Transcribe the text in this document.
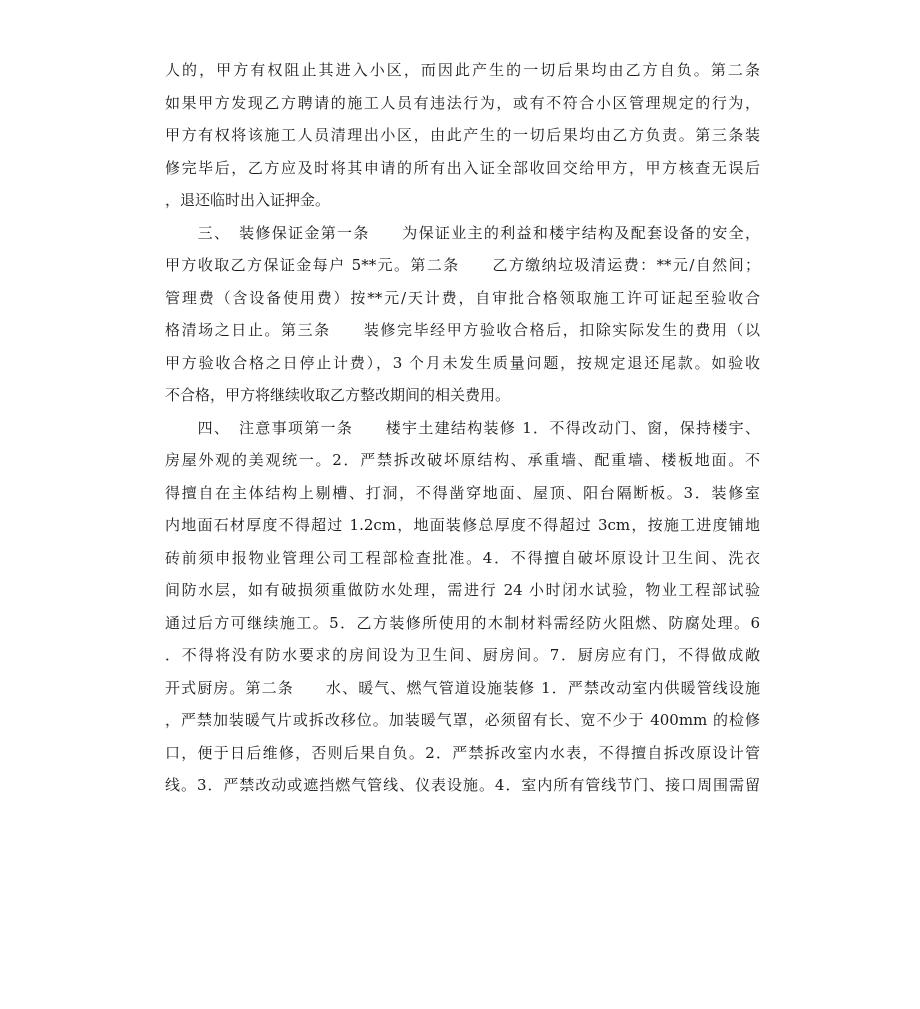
人的，甲方有权阻止其进入小区，而因此产生的一切后果均由乙方自负。第二条
如果甲方发现乙方聘请的施工人员有违法行为，或有不符合小区管理规定的行为，
甲方有权将该施工人员清理出小区，由此产生的一切后果均由乙方负责。第三条装
修完毕后，乙方应及时将其申请的所有出入证全部收回交给甲方，甲方核查无误后
，退还临时出入证押金。
　　三、　装修保证金第一条　　为保证业主的利益和楼宇结构及配套设备的安全，
甲方收取乙方保证金每户 5**元。第二条　　乙方缴纳垃圾清运费：**元/自然间；
管理费（含设备使用费）按**元/天计费，自审批合格领取施工许可证起至验收合
格清场之日止。第三条　　装修完毕经甲方验收合格后，扣除实际发生的费用（以
甲方验收合格之日停止计费），3 个月未发生质量问题，按规定退还尾款。如验收
不合格，甲方将继续收取乙方整改期间的相关费用。
　　四、　注意事项第一条　　楼宇土建结构装修 1．不得改动门、窗，保持楼宇、
房屋外观的美观统一。2．严禁拆改破坏原结构、承重墙、配重墙、楼板地面。不
得擅自在主体结构上剔槽、打洞，不得凿穿地面、屋顶、阳台隔断板。3．装修室
内地面石材厚度不得超过 1.2cm，地面装修总厚度不得超过 3cm，按施工进度铺地
砖前须申报物业管理公司工程部检查批准。4．不得擅自破坏原设计卫生间、洗衣
间防水层，如有破损须重做防水处理，需进行 24 小时闭水试验，物业工程部试验
通过后方可继续施工。5．乙方装修所使用的木制材料需经防火阻燃、防腐处理。6
．不得将没有防水要求的房间设为卫生间、厨房间。7．厨房应有门，不得做成敞
开式厨房。第二条　　水、暖气、燃气管道设施装修 1．严禁改动室内供暖管线设施
，严禁加装暖气片或拆改移位。加装暖气罩，必须留有长、宽不少于 400mm 的检修
口，便于日后维修，否则后果自负。2．严禁拆改室内水表，不得擅自拆改原设计管
线。3．严禁改动或遮挡燃气管线、仪表设施。4．室内所有管线节门、接口周围需留
